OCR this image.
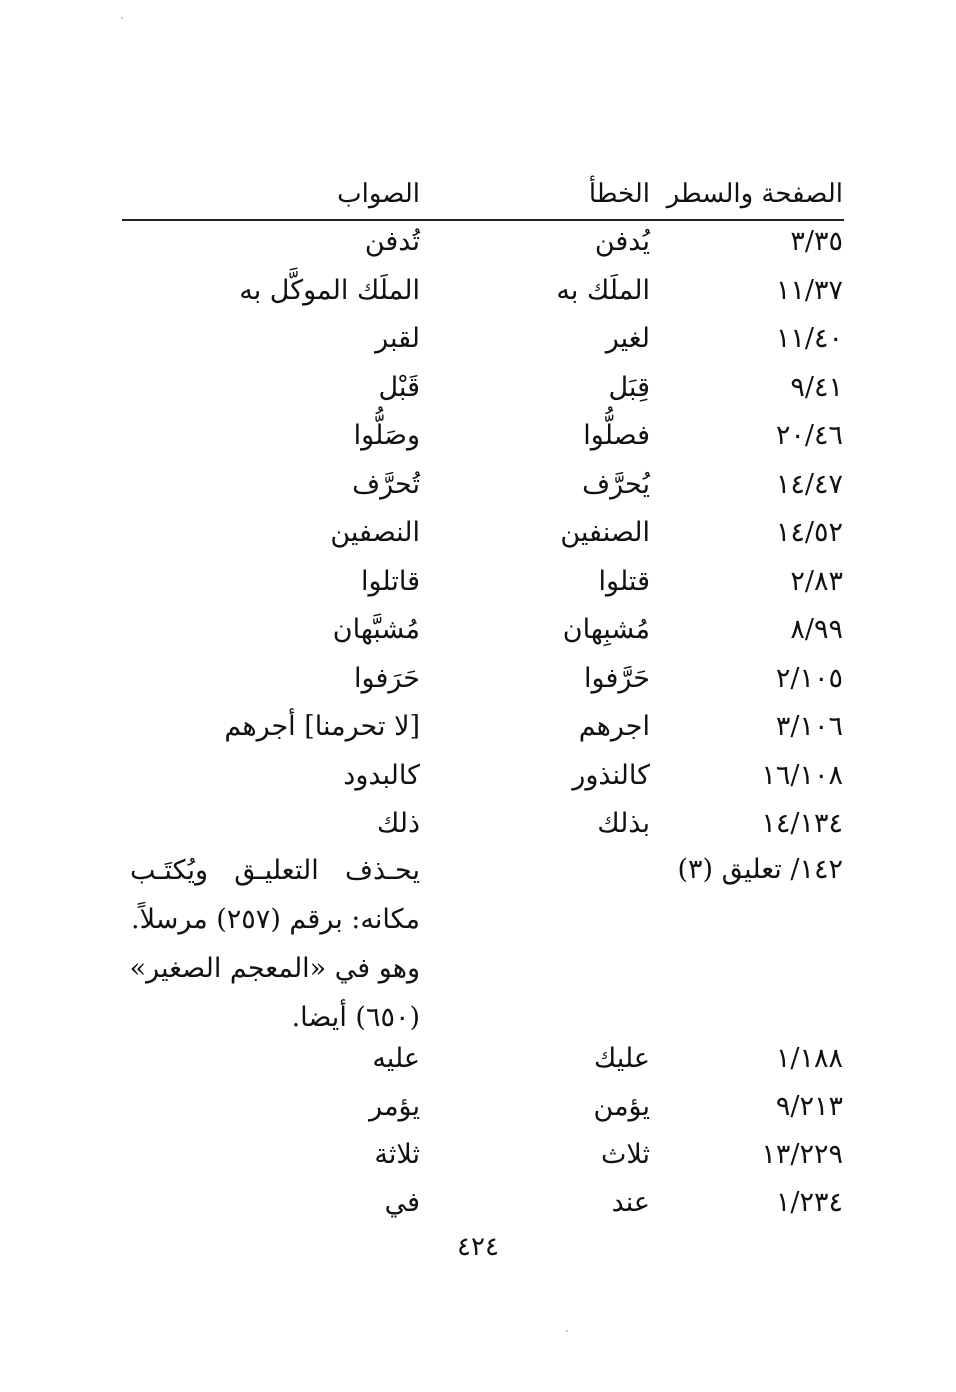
الصفحة والسطر
الخطأ
الصواب
٣/٣٥
يُدفن
تُدفن
١١/٣٧
الملَك به
الملَك الموكَّل به
١١/٤٠
لغير
لقبر
٩/٤١
قِبَل
قَبْل
٢٠/٤٦
فصلُّوا
وصَلُّوا
١٤/٤٧
يُحرَّف
تُحرَّف
١٤/٥٢
الصنفين
النصفين
٢/٨٣
قتلوا
قاتلوا
٨/٩٩
مُشبِهان
مُشبَّهان
٢/١٠٥
حَرَّفوا
حَرَفوا
٣/١٠٦
اجرهم
[لا تحرمنا] أجرهم
١٦/١٠٨
كالنذور
كالبدود
١٤/١٣٤
بذلك
ذلك
١٤٢/ تعليق (٣)
يحـذف التعليـق ويُكتَـب
مكانه: برقم (٢٥٧) مرسلاً.
وهو في «المعجم الصغير»
(٦٥٠) أيضا.
١/١٨٨
عليك
عليه
٩/٢١٣
يؤمن
يؤمر
١٣/٢٢٩
ثلاث
ثلاثة
١/٢٣٤
عند
في
٤٢٤
